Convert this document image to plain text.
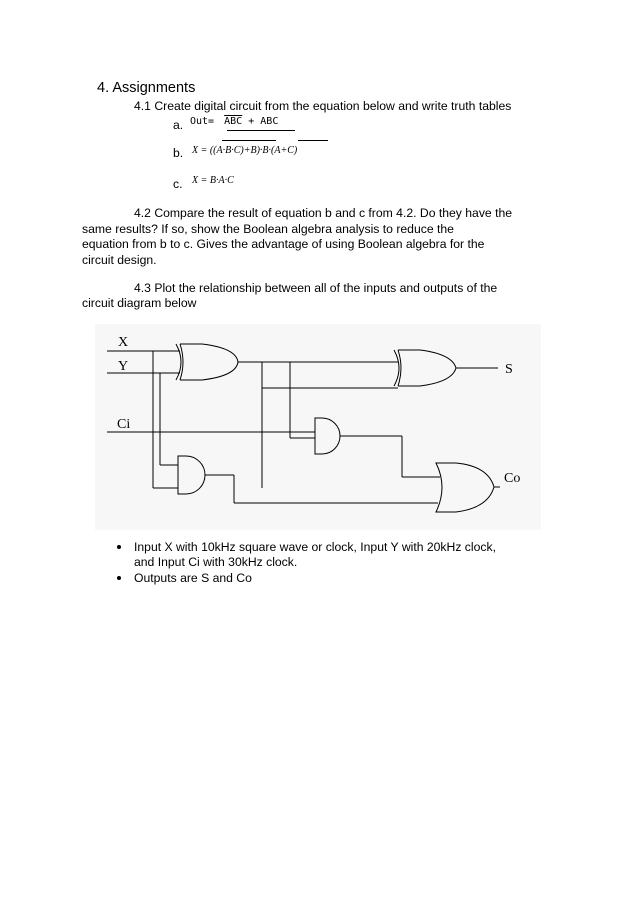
4. Assignments
4.1 Create digital circuit from the equation below and write truth tables
a. $Out= \overline{ABC}$ + ABC
b. X = ((A·B·C)+B)·B·(A+C)
c. X = B·A·C
4.2 Compare the result of equation b and c from 4.2. Do they have the
same results? If so, show the Boolean algebra analysis to reduce the
equation from b to c. Gives the advantage of using Boolean algebra for the
circuit design.
4.3 Plot the relationship between all of the inputs and outputs of the
circuit diagram below
X
Y
Ci
S
Co
Input X with 10kHz square wave or clock, Input Y with 20kHz clock,
and Input Ci with 30kHz clock.
Outputs are S and Co
